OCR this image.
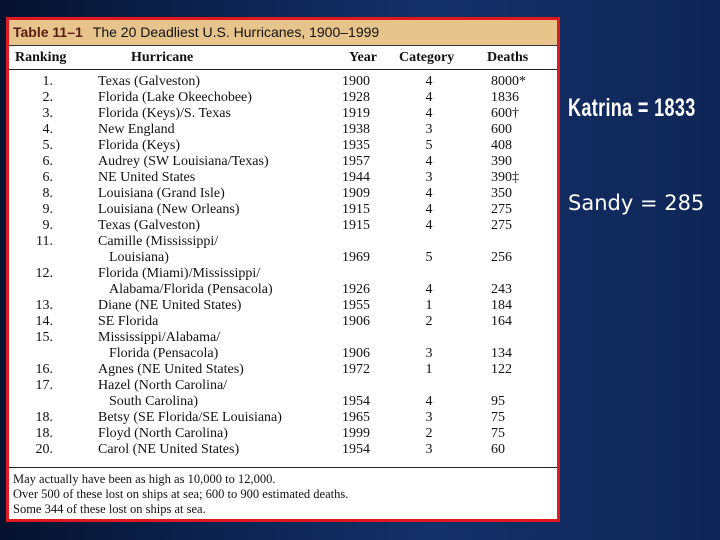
Table 11–1 The 20 Deadliest U.S. Hurricanes, 1900–1999
Ranking	Hurricane	Year Category Deaths
1.	Texas (Galveston)	1900	4	8000*
2.	Florida (Lake Okeechobee)	1928	4	1836
3.	Florida (Keys)/S. Texas	1919	4	600†
4.	New England	1938	3	600
5.	Florida (Keys)	1935	5	408
6.	Audrey (SW Louisiana/Texas)	1957	4	390
6.	NE United States	1944	3	390‡
8.	Louisiana (Grand Isle)	1909	4	350
9.	Louisiana (New Orleans)	1915	4	275
9.	Texas (Galveston)	1915	4	275
11.	Camille (Mississippi/
Louisiana)	1969	5	256
12.	Florida (Miami)/Mississippi/
Alabama/Florida (Pensacola)	1926	4	243
13.	Diane (NE United States)	1955	1	184
14.	SE Florida	1906	2	164
15.	Mississippi/Alabama/
Florida (Pensacola)	1906	3	134
16.	Agnes (NE United States)	1972	1	122
17.	Hazel (North Carolina/
South Carolina)	1954	4	95
18.	Betsy (SE Florida/SE Louisiana)	1965	3	75
18.	Floyd (North Carolina)	1999	2	75
20.	Carol (NE United States)	1954	3	60
May actually have been as high as 10,000 to 12,000.
Over 500 of these lost on ships at sea; 600 to 900 estimated deaths.
Some 344 of these lost on ships at sea.
Katrina = 1833
Sandy = 285
